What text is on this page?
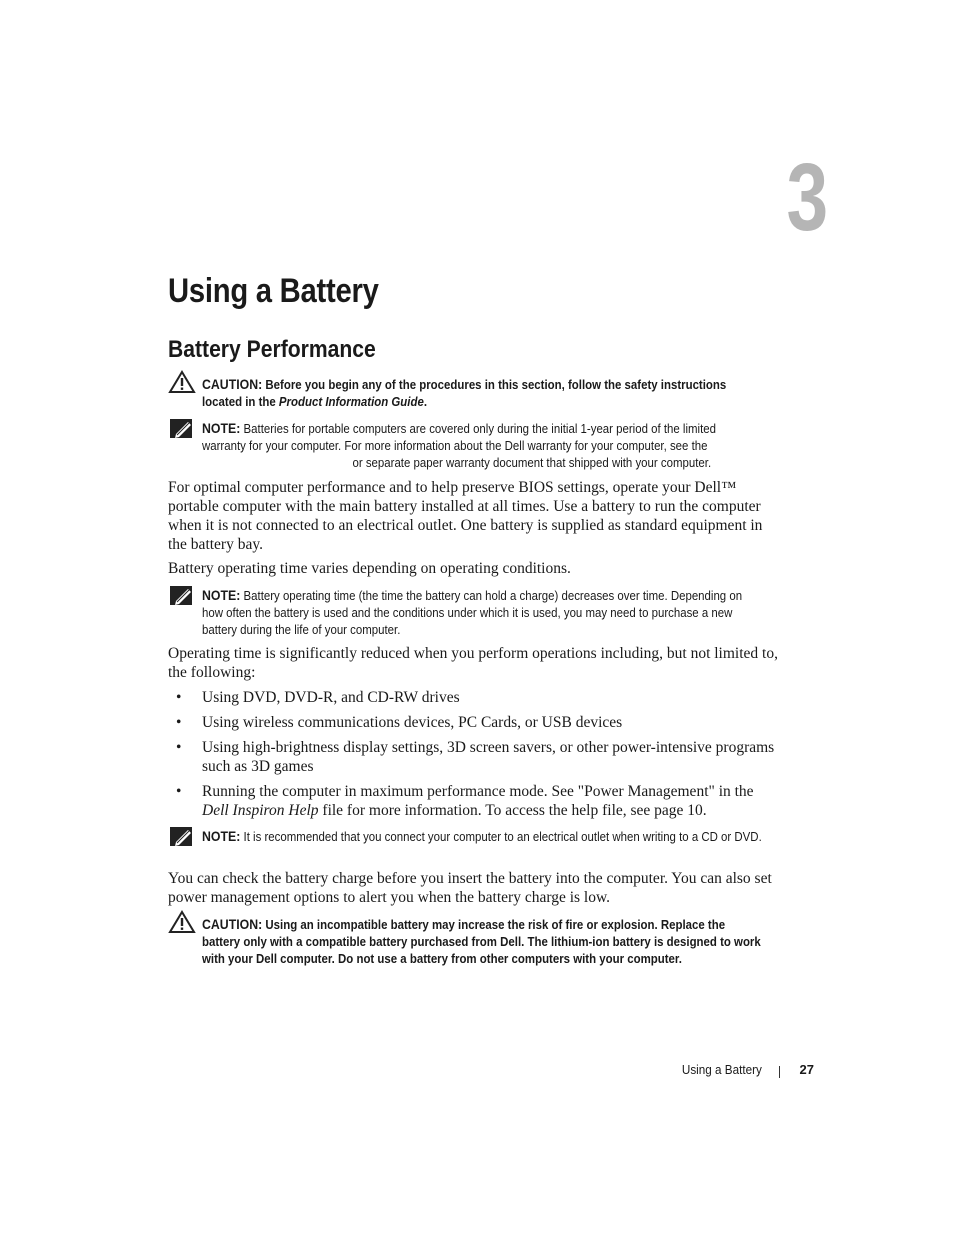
3
Using a Battery
Battery Performance
CAUTION: Before you begin any of the procedures in this section, follow the safety instructions located in the Product Information Guide.
NOTE: Batteries for portable computers are covered only during the initial 1-year period of the limited
warranty for your computer. For more information about the Dell warranty for your computer, see the
or separate paper warranty document that shipped with your computer.

For optimal computer performance and to help preserve BIOS settings, operate your Dell™ portable computer with the main battery installed at all times. Use a battery to run the computer when it is not connected to an electrical outlet. One battery is supplied as standard equipment in the battery bay.

Battery operating time varies depending on operating conditions.

NOTE: Battery operating time (the time the battery can hold a charge) decreases over time. Depending on how often the battery is used and the conditions under which it is used, you may need to purchase a new battery during the life of your computer.

Operating time is significantly reduced when you perform operations including, but not limited to, the following:

• Using DVD, DVD-R, and CD-RW drives
• Using wireless communications devices, PC Cards, or USB devices
• Using high-brightness display settings, 3D screen savers, or other power-intensive programs such as 3D games
• Running the computer in maximum performance mode. See "Power Management" in the Dell Inspiron Help file for more information. To access the help file, see page 10.
NOTE: It is recommended that you connect your computer to an electrical outlet when writing to a CD or DVD.

You can check the battery charge before you insert the battery into the computer. You can also set power management options to alert you when the battery charge is low.

CAUTION: Using an incompatible battery may increase the risk of fire or explosion. Replace the battery only with a compatible battery purchased from Dell. The lithium-ion battery is designed to work with your Dell computer. Do not use a battery from other computers with your computer.
Using a Battery	27
